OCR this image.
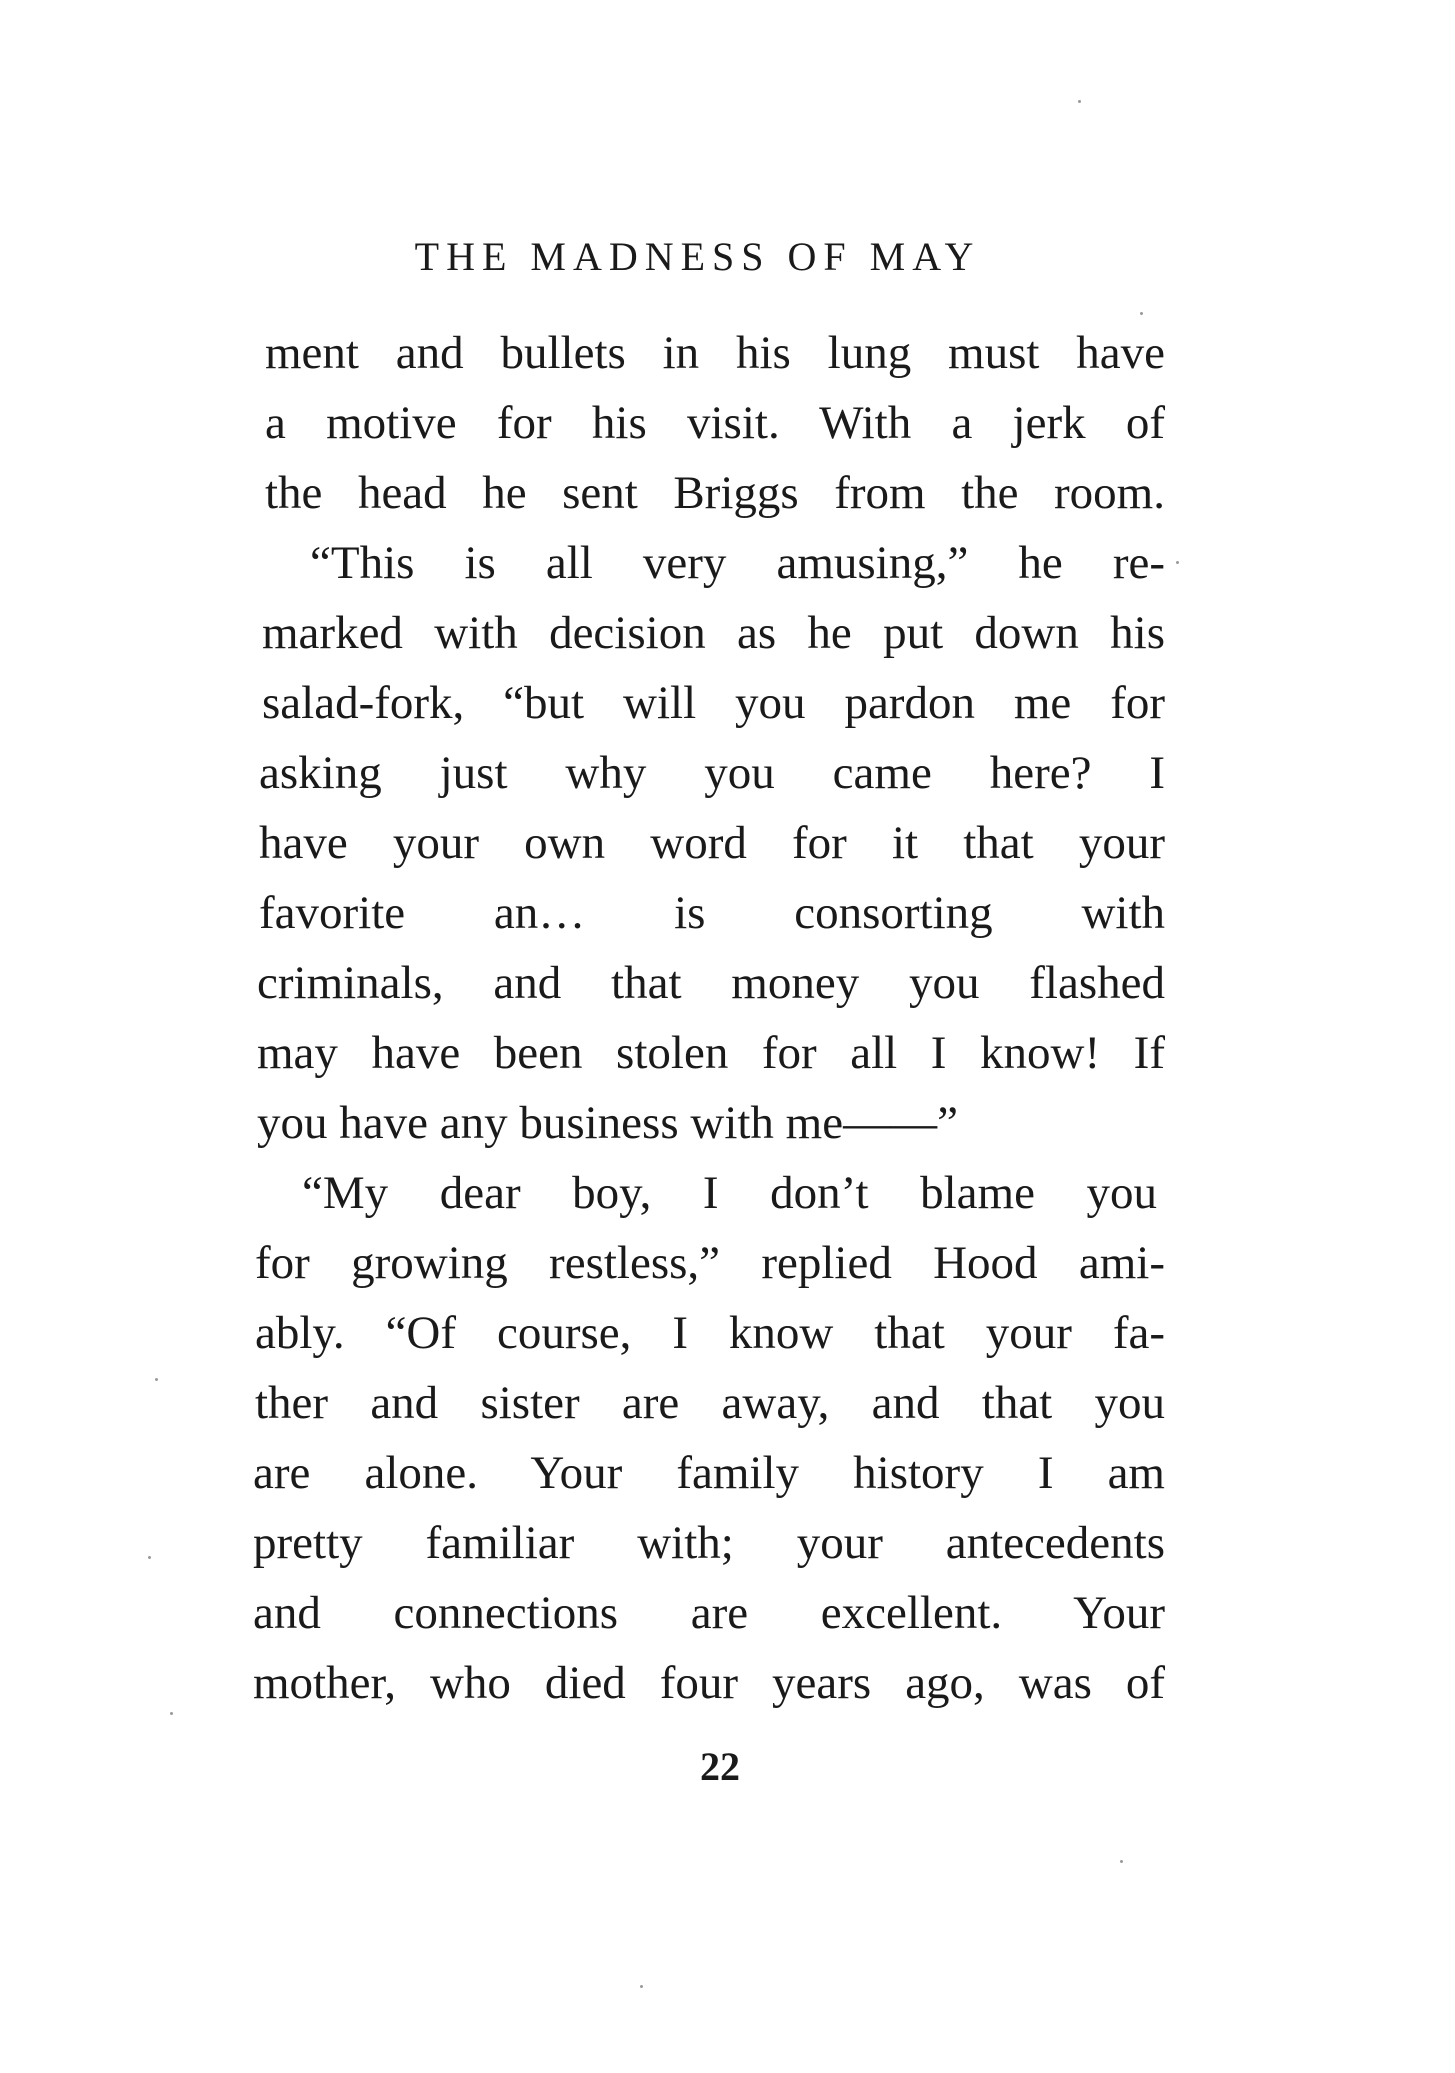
THE MADNESS OF MAY
ment and bullets in his lung must have
a motive for his visit. With a jerk of
the head he sent Briggs from the room.
“This is all very amusing,” he re-
marked with decision as he put down his
salad-fork, “but will you pardon me for
asking just why you came here? I
have your own word for it that your
favorite an… is consorting with
criminals, and that money you flashed
may have been stolen for all I know! If
you have any business with me——”
“My dear boy, I don’t blame you
for growing restless,” replied Hood ami-
ably. “Of course, I know that your fa-
ther and sister are away, and that you
are alone. Your family history I am
pretty familiar with; your antecedents
and connections are excellent. Your
mother, who died four years ago, was of
22
